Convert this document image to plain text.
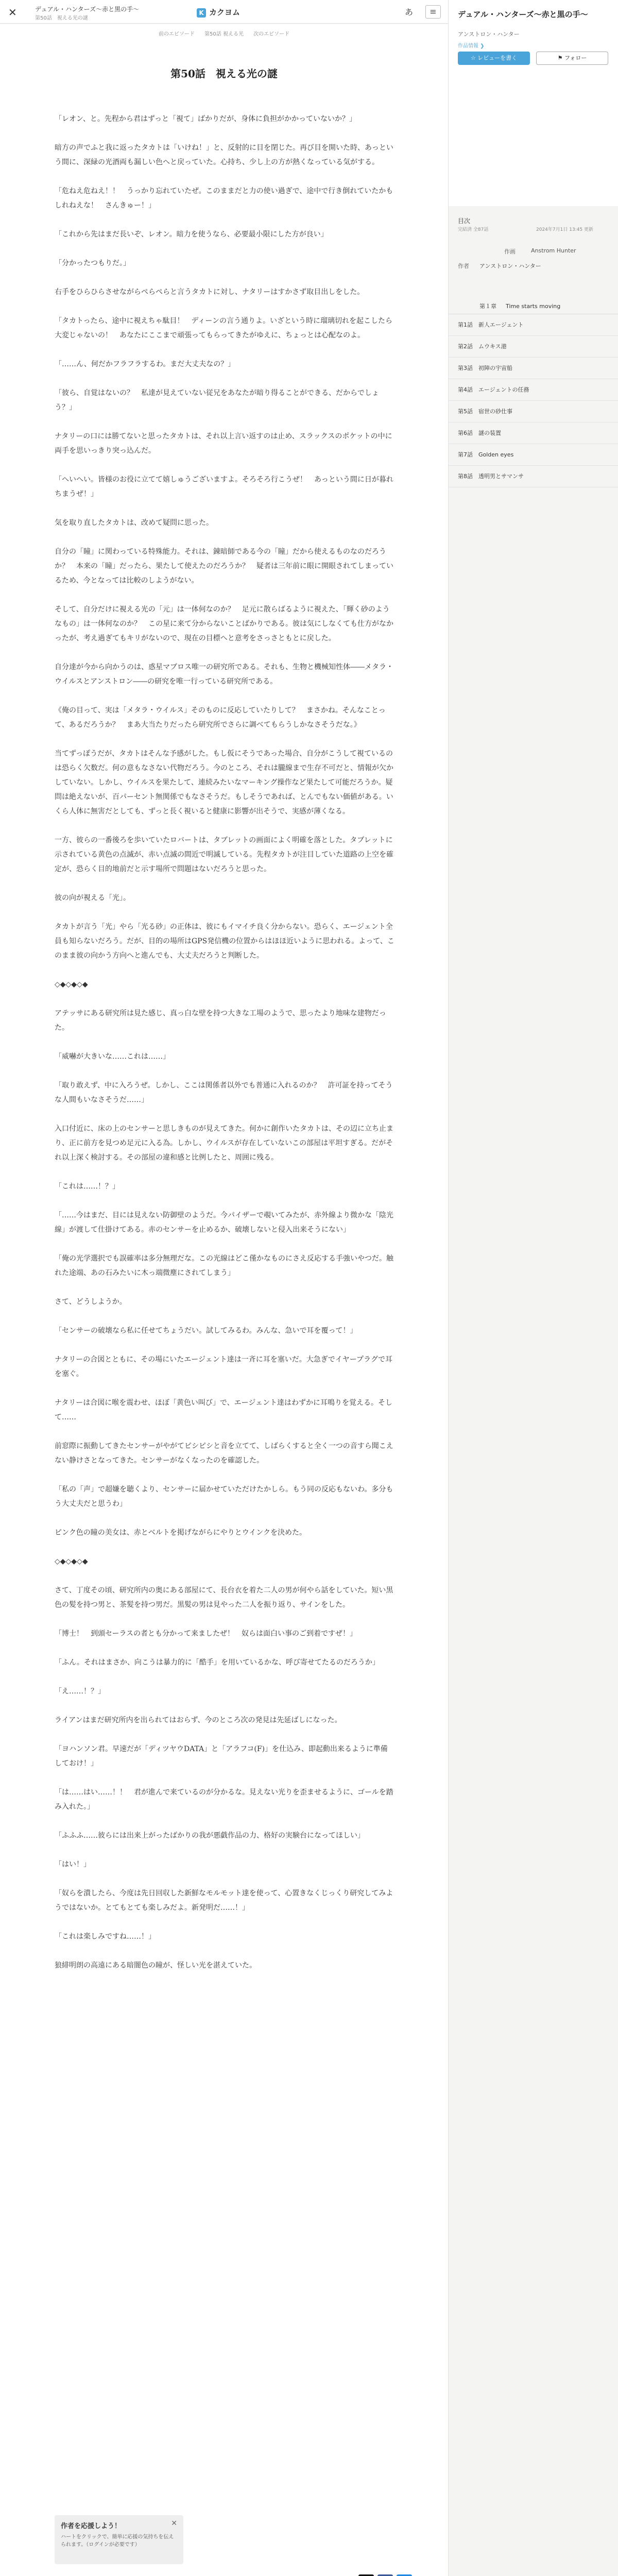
✕	デュアル・ハンターズ〜赤と黒の手〜
第50話　視える光の謎
K カクヨム	あ	≡
前のエピソード 第50話 視える光 次のエピソード
第50話　視える光の謎

「レオン、と。先程から君はずっと「視て」ばかりだが、身体に負担がかかっていないか？」

暗方の声でふと我に返ったタカトは「いけね！」と、反射的に目を閉じた。再び目を開いた時、あっという間に、深緑の光酒両も漏しい色へと戻っていた。心持ち、少し上の方が熱くなっている気がする。

「危ねえ危ねえ！！　うっかり忘れていたぜ。このままだと力の使い過ぎで、途中で行き倒れていたかもしれねえな！　さんきゅー！」

「これから先はまだ長いぞ、レオン。暗力を使うなら、必要最小限にした方が良い」

「分かったつもりだ。」

右手をひらひらさせながらぺらぺらと言うタカトに対し、ナタリーはすかさず取目出しをした。

「タカトったら、途中に視えちゃ駄目！　ディーンの言う通りよ。いざという時に瑠璃切れを起こしたら大変じゃないの！　あなたにここまで頑張ってもらってきたがゆえに、ちょっとは心配なのよ。

「……ん、何だかフラフラするわ。まだ大丈夫なの？」

「彼ら、自覚はないの？　私達が見えていない従兄をあなたが暗り得ることができる、だからでしょう？」

ナタリーの口には勝てないと思ったタカトは、それ以上言い返すのは止め、スラックスのポケットの中に両手を思いっきり突っ込んだ。

「へいへい。皆様のお役に立てて嬉しゅうございますよ。そろそろ行こうぜ！　あっという間に日が暮れちまうぜ！」

気を取り直したタカトは、改めて疑問に思った。

自分の「瞳」に関わっている特殊能力。それは、錬暗師である今の「瞳」だから使えるものなのだろうか？　本来の「瞳」だったら、果たして使えたのだろうか？　疑者は三年前に眼に開眼されてしまっているため、今となっては比較のしようがない。

そして、自分だけに視える光の「元」は一体何なのか？　足元に散らばるように視えた、「輝く砂のようなもの」は一体何なのか？　この星に来て分からないことばかりである。彼は気にしなくても仕方がなかったが、考え過ぎてもキリがないので、現在の目標へと意考をさっさともとに戻した。

自分達が今から向かうのは、惑星マブロス唯一の研究所である。それも、生物と機械知性体――メタラ・ウイルスとアンストロン――の研究を唯一行っている研究所である。

《俺の目って、実は「メタラ・ウイルス」そのものに反応していたりして？　まさかね。そんなことって、あるだろうか？　まあ大当たりだったら研究所でさらに調べてもらうしかなさそうだな。》

当てずっぽうだが、タカトはそんな予感がした。もし仮にそうであった場合、自分がこうして視ているのは恐らく欠数だ。何の意もなさない代物だろう。今のところ、それは朧線まで生存不可だと、情報が欠かしていない。しかし、ウイルスを果たして、連続みたいなマーキング操作など果たして可能だろうか。疑問は絶えないが、百パーセント無関係でもなさそうだ。もしそうであれば、とんでもない価値がある。いくら人体に無害だとしても、ずっと長く視いると健康に影響が出そうで、実感が薄くなる。

一方、彼らの一番後ろを歩いていたロバートは、タブレットの画面によく明確を落とした。タブレットに示されている黄色の点滅が、赤い点滅の間近で明滅している。先程タカトが注目していた道路の上空を確定が、恐らく目的地前だと示す場所で問題はないだろうと思った。

彼の向が視える「光」。

タカトが言う「光」やら「光る砂」の正体は、彼にもイマイチ良く分からない。恐らく、エージェント全員も知らないだろう。だが、目的の場所はGPS発信機の位置からはほほ近いように思われる。よって、このまま彼の向かう方向へと進んでも、大丈夫だろうと判断した。

◇◆◇◆◇◆

アテッサにある研究所は見た感じ、真っ白な壁を持つ大きな工場のようで、思ったより地味な建物だった。

「威嚇が大きいな……これは……」

「取り敢えず、中に入ろうぜ。しかし、ここは関係者以外でも普通に入れるのか？　許可証を持ってそうな人間もいなさそうだ……」

入口付近に、床の上のセンサーと思しきものが見えてきた。何かに創作いたタカトは、その辺に立ち止まり、正に前方を見つめ足元に入る為。しかし、ウイルスが存在していないこの部屋は平坦すぎる。だがそれ以上深く検討する。その部屋の違和感と比例したと、周囲に残る。

「これは……！？」

「……今はまだ、目には見えない防御壁のようだ。今パイザーで覗いてみたが、赤外線より微かな「陰光線」が渡して仕掛けてある。赤のセンサーを止めるか、破壊しないと侵入出来そうにない」

「俺の光学選択でも誤確率は多分無理だな。この光線はどこ僅かなものにさえ反応する手強いやつだ。触れた途端、あの石みたいに木っ端微塵にされてしまう」

さて、どうしようか。

「センサーの破壊なら私に任せてちょうだい。試してみるわ。みんな、急いで耳を覆って！」

ナタリーの合図とともに、その場にいたエージェント達は一斉に耳を塞いだ。大急ぎでイヤープラグで耳を塞ぐ。

ナタリーは合図に喉を震わせ、ほぼ「黄色い叫び」で、エージェント達はわずかに耳鳴りを覚える。そして……

前窓際に振動してきたセンサーがやがてピシピシと音を立てて、しばらくすると全く一つの音すら聞こえない静けさとなってきた。センサーがなくなったのを確認した。

「私の「声」で超嫌を聴くより、センサーに届かせていただけたかしら。もう同の反応もないわ。多分もう大丈夫だと思うわ」

ピンク色の瞳の美女は、赤とベルトを掲げながらにやりとウインクを決めた。

◇◆◇◆◇◆

さて、丁度その頃、研究所内の奥にある部屋にて、長台衣を着た二人の男が何やら話をしていた。短い黒色の髪を持つ男と、茶髪を持つ男だ。黒髪の男は見やった二人を振り返り、サインをした。

「博士！　到頭セーラスの者とも分かって来ましたぜ！　奴らは面白い事のご到着ですぜ！」

「ふん。それはまさか、向こうは暴力的に「酷手」を用いているかな、呼び寄せてたるのだろうか」

「え……！？」

ライアンはまだ研究所内を出られてはおらず、今のところ次の発見は先延ばしになった。

「ヨハンソン君。早速だが「ディツヤウDATA」と「アラフコ(F)」を仕込み、即起動出来るように準備しておけ！」

「は……はい……！！　君が進んで来ているのが分かるな。見えない光りを歪ませるように、ゴールを踏み入れた。」

「ふふふ……彼らには出来上がったばかりの我が悪戯作品の力、格好の実験台になってほしい」

「はい！」

「奴らを潰したら、今度は先日回収した新鮮なモルモット達を使って、心置きなくじっくり研究してみようではないか。とてもとても楽しみだよ。新発明だ……！」

「これは楽しみですね……！」

狼緋明朗の高遠にある暗闇色の瞳が、怪しい光を湛えていた。

作者を応援しよう！	✕
ハートをクリックで、簡単に応援の気持ちを伝えられます。（ログインが必要です）
デュアル・ハンターズ〜赤と黒の手〜
アンストロン・ハンター
作品情報 ❯
☆ レビューを書く	⚑ フォロー
目次
完結済 全87話	2024年7月1日 13:45 更新
作画	Anstrom Hunter
作者 アンストロン・ハンター
第１章 Time starts moving
第1話　新人エージェント
第2話　ムウキス港
第3話　初陣の宇宙船
第4話　エージェントの任務
第5話　宿世の砂仕事
第6話　謎の装置
第7話　Golden eyes
第8話　透明男とサマンサ
